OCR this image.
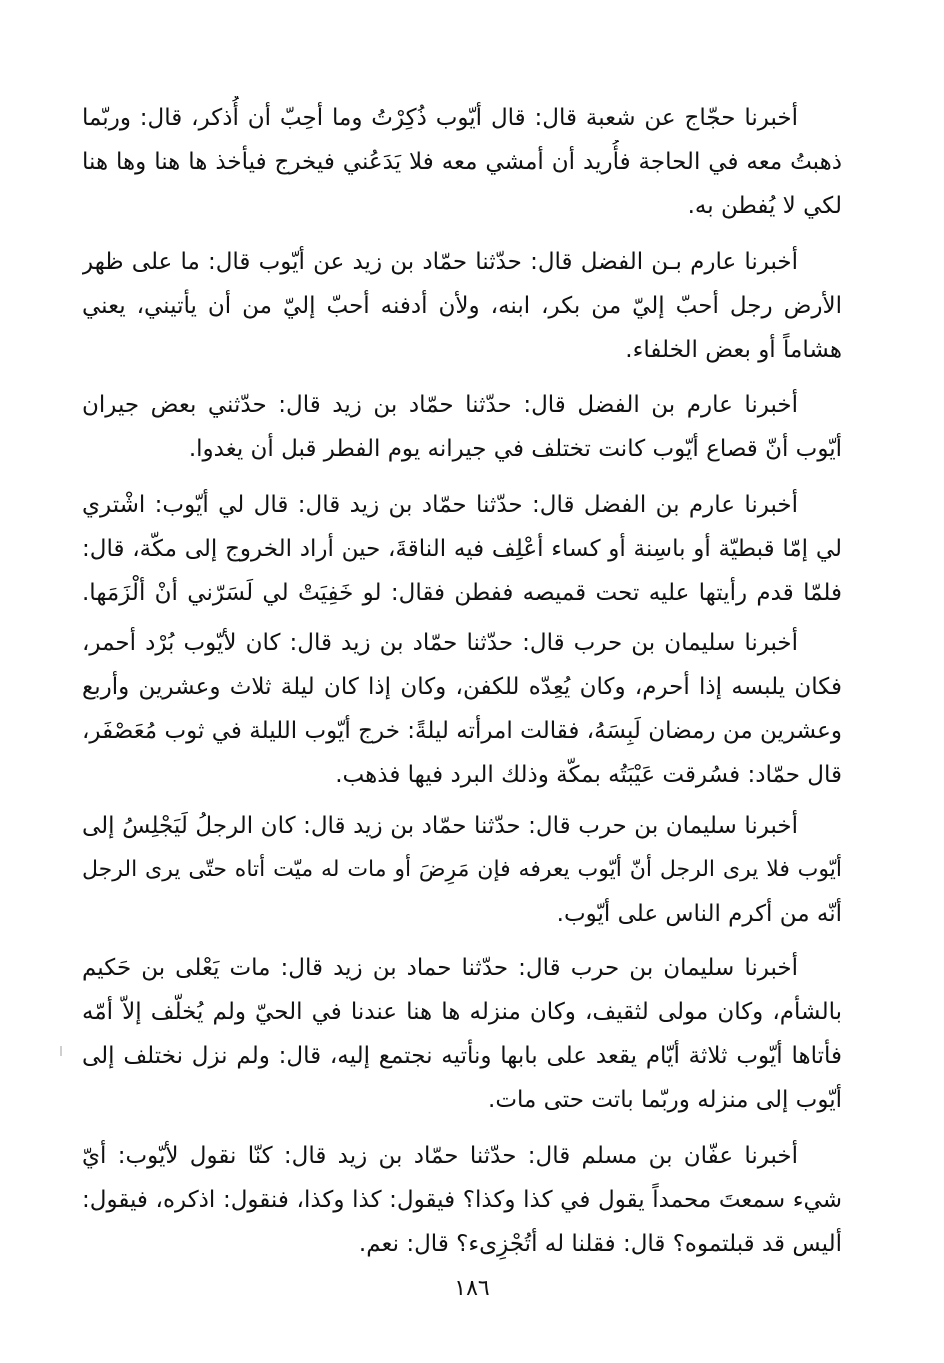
أخبرنا حجّاج عن شعبة قال: قال أيّوب ذُكِرْتُ وما أحِبّ أن أُذكر، قال: وربّما
ذهبتُ معه في الحاجة فأُريد أن أمشي معه فلا يَدَعُني فيخرج فيأخذ ها هنا وها هنا
لكي لا يُفطن به.
أخبرنا عارم بـن الفضل قال: حدّثنا حمّاد بن زيد عن أيّوب قال: ما على ظهر
الأرض رجل أحبّ إليّ من بكر، ابنه، ولأن أدفنه أحبّ إليّ من أن يأتيني، يعني
هشاماً أو بعض الخلفاء.
أخبرنا عارم بن الفضل قال: حدّثنا حمّاد بن زيد قال: حدّثني بعض جيران
أيّوب أنّ قصاع أيّوب كانت تختلف في جيرانه يوم الفطر قبل أن يغدوا.
أخبرنا عارم بن الفضل قال: حدّثنا حمّاد بن زيد قال: قال لي أيّوب: اشْتري
لي إمّا قبطيّة أو باسِنة أو كساء أعْلِف فيه الناقةَ، حين أراد الخروج إلى مكّة، قال:
فلمّا قدم رأيتها عليه تحت قميصه ففطن فقال: لو خَفِيَتْ لي لَسَرّني أنْ ألْزَمَها.
أخبرنا سليمان بن حرب قال: حدّثنا حمّاد بن زيد قال: كان لأيّوب بُرْد أحمر،
فكان يلبسه إذا أحرم، وكان يُعِدّه للكفن، وكان إذا كان ليلة ثلاث وعشرين وأربع
وعشرين من رمضان لَبِسَهُ، فقالت امرأته ليلةً: خرج أيّوب الليلة في ثوب مُعَصْفَر،
قال حمّاد: فسُرقت عَيْبَتُه بمكّة وذلك البرد فيها فذهب.
أخبرنا سليمان بن حرب قال: حدّثنا حمّاد بن زيد قال: كان الرجلُ لَيَجْلِسُ إلى
أيّوب فلا يرى الرجل أنّ أيّوب يعرفه فإن مَرِضَ أو مات له ميّت أتاه حتّى يرى الرجل
أنّه من أكرم الناس على أيّوب.
أخبرنا سليمان بن حرب قال: حدّثنا حماد بن زيد قال: مات يَعْلى بن حَكيم
بالشأم، وكان مولى لثقيف، وكان منزله ها هنا عندنا في الحيّ ولم يُخلّف إلاّ أمّه
فأتاها أيّوب ثلاثة أيّام يقعد على بابها ونأتيه نجتمع إليه، قال: ولم نزل نختلف إلى
أيّوب إلى منزله وربّما باتت حتى مات.
أخبرنا عفّان بن مسلم قال: حدّثنا حمّاد بن زيد قال: كنّا نقول لأيّوب: أيّ
شيء سمعتَ محمداً يقول في كذا وكذا؟ فيقول: كذا وكذا، فنقول: اذكره، فيقول:
أليس قد قبلتموه؟ قال: فقلنا له أتُجْزِىء؟ قال: نعم.
١٨٦
